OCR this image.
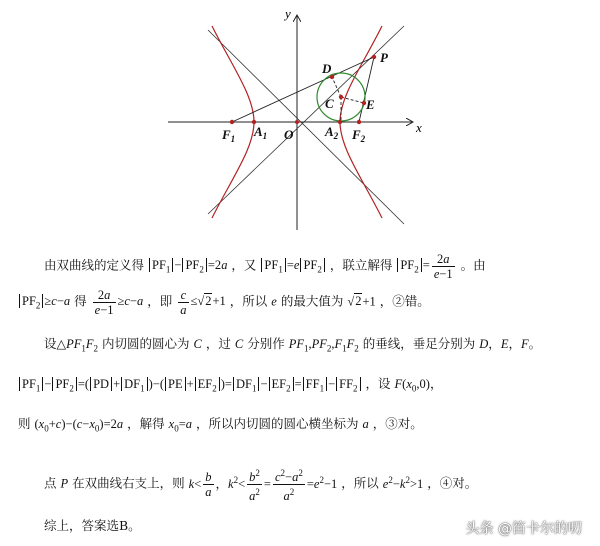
x
y
P
D
C E
O
$F_1$ $A_1$	$A_2$ $F_2$
由双曲线的定义得 $PF_1 - PF_2 =2a$ ，又 $PF_1 =e$ $PF_2$ ，联立解得 $PF_2 = \frac{2a}{e-1}$ 。由
$PF_2 \ge c-a$ 得 $\frac{2a}{e-1} \ge c-a$ ，即 $\frac{c}{a} \le√2+1$ ，所以 e 的最大值为 √2+1 ，②错。
设$\triangle PF_1F_2$ 内切圆的圆心为 C ，过 C 分别作 $PF_1,PF_2,F_1F_2$ 的垂线，垂足分别为 D，E，F。
$PF_1 - PF_2$ =( PD + $DF_1$ )−( PE + $EF_2$ )= $DF_1 - EF_2 = FF_1 - FF_2$ ，设 $F(x_0,0)$，
则 $(x_0+c)-(c-x_0)=2a$ ，解得 $x_0=a$ ，所以内切圆的圆心横坐标为 a ，③对。
点 P 在双曲线右支上，则 $k< \frac{b}{a}$ ，$k^2< \frac{b^2}{a^2} = \frac{c^2-a^2}{a^2} =e^2-1$ ，所以 $e^2-k^2>1$ ，④对。
综上，答案选B。	头条 @笛卡尔的叨
